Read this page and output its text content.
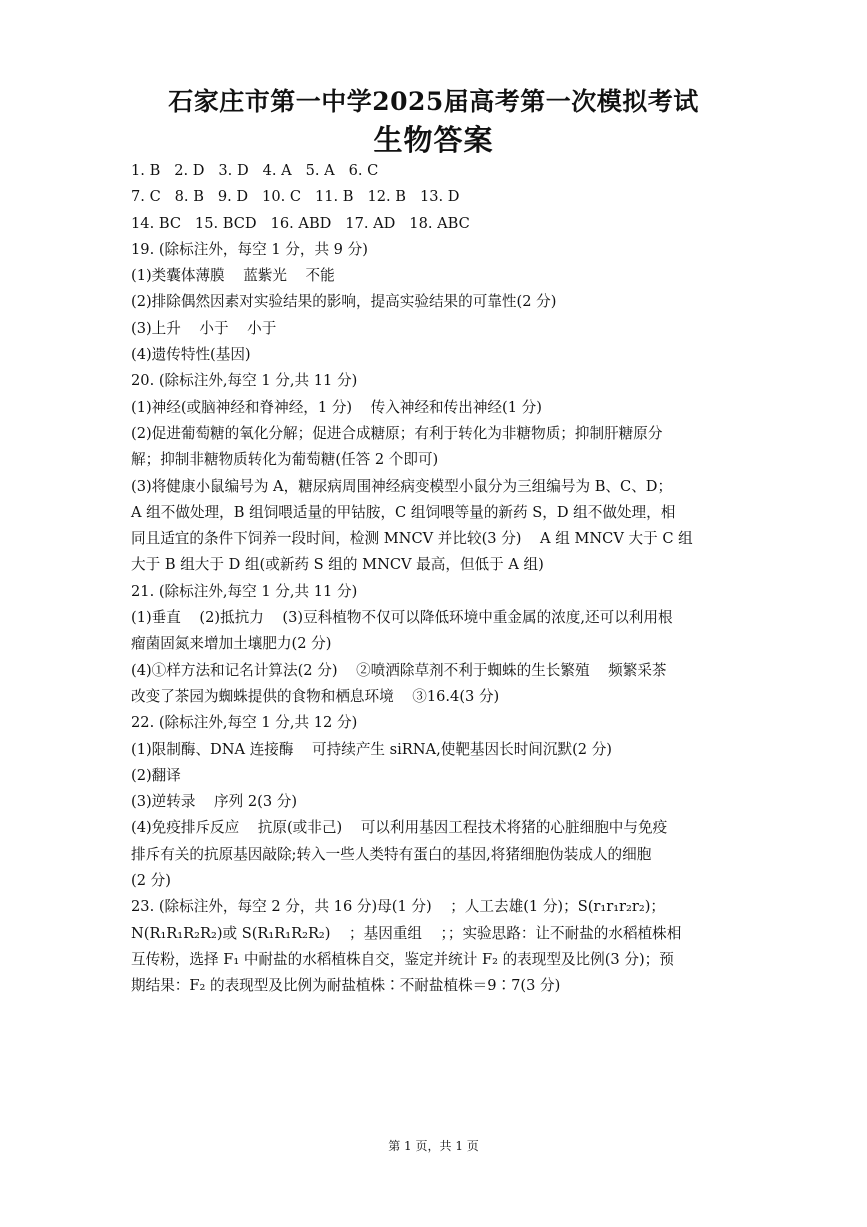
石家庄市第一中学2025届高考第一次模拟考试
生物答案
1. B   2. D   3. D   4. A   5. A   6. C
7. C   8. B   9. D   10. C   11. B   12. B   13. D
14. BC   15. BCD   16. ABD   17. AD   18. ABC
19. (除标注外，每空 1 分，共 9 分)
(1)类囊体薄膜    蓝紫光    不能
(2)排除偶然因素对实验结果的影响，提高实验结果的可靠性(2 分)
(3)上升    小于    小于
(4)遗传特性(基因)
20. (除标注外,每空 1 分,共 11 分)
(1)神经(或脑神经和脊神经，1 分)    传入神经和传出神经(1 分)
(2)促进葡萄糖的氧化分解；促进合成糖原；有利于转化为非糖物质；抑制肝糖原分
解；抑制非糖物质转化为葡萄糖(任答 2 个即可)
(3)将健康小鼠编号为 A，糖尿病周围神经病变模型小鼠分为三组编号为 B、C、D；
A 组不做处理，B 组饲喂适量的甲钴胺，C 组饲喂等量的新药 S，D 组不做处理，相
同且适宜的条件下饲养一段时间，检测 MNCV 并比较(3 分)    A 组 MNCV 大于 C 组
大于 B 组大于 D 组(或新药 S 组的 MNCV 最高，但低于 A 组)
21. (除标注外,每空 1 分,共 11 分)
(1)垂直    (2)抵抗力    (3)豆科植物不仅可以降低环境中重金属的浓度,还可以利用根
瘤菌固氮来增加土壤肥力(2 分)
(4)①样方法和记名计算法(2 分)    ②喷洒除草剂不利于蜘蛛的生长繁殖    频繁采茶
改变了茶园为蜘蛛提供的食物和栖息环境    ③16.4(3 分)
22. (除标注外,每空 1 分,共 12 分)
(1)限制酶、DNA 连接酶    可持续产生 siRNA,使靶基因长时间沉默(2 分)
(2)翻译
(3)逆转录    序列 2(3 分)
(4)免疫排斥反应    抗原(或非己)    可以利用基因工程技术将猪的心脏细胞中与免疫
排斥有关的抗原基因敲除;转入一些人类特有蛋白的基因,将猪细胞伪装成人的细胞
(2 分)
23. (除标注外，每空 2 分，共 16 分)母(1 分)    ；人工去雄(1 分)；S(r₁r₁r₂r₂)；
N(R₁R₁R₂R₂)或 S(R₁R₁R₂R₂)    ；基因重组    ；；实验思路：让不耐盐的水稻植株相
互传粉，选择 F₁ 中耐盐的水稻植株自交，鉴定并统计 F₂ 的表现型及比例(3 分)；预
期结果：F₂ 的表现型及比例为耐盐植株∶不耐盐植株＝9∶7(3 分)
第 1 页，共 1 页
